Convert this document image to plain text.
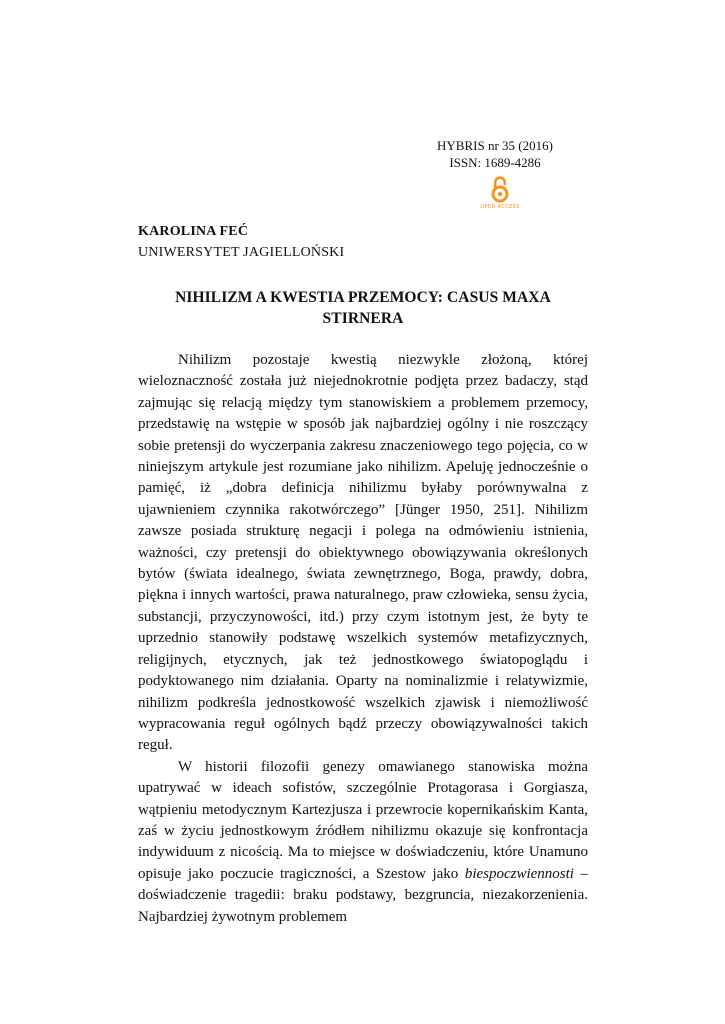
HYBRIS nr 35 (2016)
ISSN: 1689-4286
OPEN ACCESS
KAROLINA FEĆ
UNIWERSYTET JAGIELLOŃSKI
NIHILIZM A KWESTIA PRZEMOCY: CASUS MAXA STIRNERA

Nihilizm pozostaje kwestią niezwykle złożoną, której wieloznaczność została już niejednokrotnie podjęta przez badaczy, stąd zajmując się relacją między tym stanowiskiem a problemem przemocy, przedstawię na wstępie w sposób jak najbardziej ogólny i nie roszczący sobie pretensji do wyczerpania zakresu znaczeniowego tego pojęcia, co w niniejszym artykule jest rozumiane jako nihilizm. Apeluję jednocześnie o pamięć, iż „dobra definicja nihilizmu byłaby porównywalna z ujawnieniem czynnika rakotwórczego” [Jünger 1950, 251]. Nihilizm zawsze posiada strukturę negacji i polega na odmówieniu istnienia, ważności, czy pretensji do obiektywnego obowiązywania określonych bytów (świata idealnego, świata zewnętrznego, Boga, prawdy, dobra, piękna i innych wartości, prawa naturalnego, praw człowieka, sensu życia, substancji, przyczynowości, itd.) przy czym istotnym jest, że byty te uprzednio stanowiły podstawę wszelkich systemów metafizycznych, religijnych, etycznych, jak też jednostkowego światopoglądu i podyktowanego nim działania. Oparty na nominalizmie i relatywizmie, nihilizm podkreśla jednostkowość wszelkich zjawisk i niemożliwość wypracowania reguł ogólnych bądź przeczy obowiązywalności takich reguł.

W historii filozofii genezy omawianego stanowiska można upatrywać w ideach sofistów, szczególnie Protagorasa i Gorgiasza, wątpieniu metodycznym Kartezjusza i przewrocie kopernikańskim Kanta, zaś w życiu jednostkowym źródłem nihilizmu okazuje się konfrontacja indywiduum z nicością. Ma to miejsce w doświadczeniu, które Unamuno opisuje jako poczucie tragiczności, a Szestow jako biespoczwiennosti – doświadczenie tragedii: braku podstawy, bezgruncia, niezakorzenienia. Najbardziej żywotnym problemem
